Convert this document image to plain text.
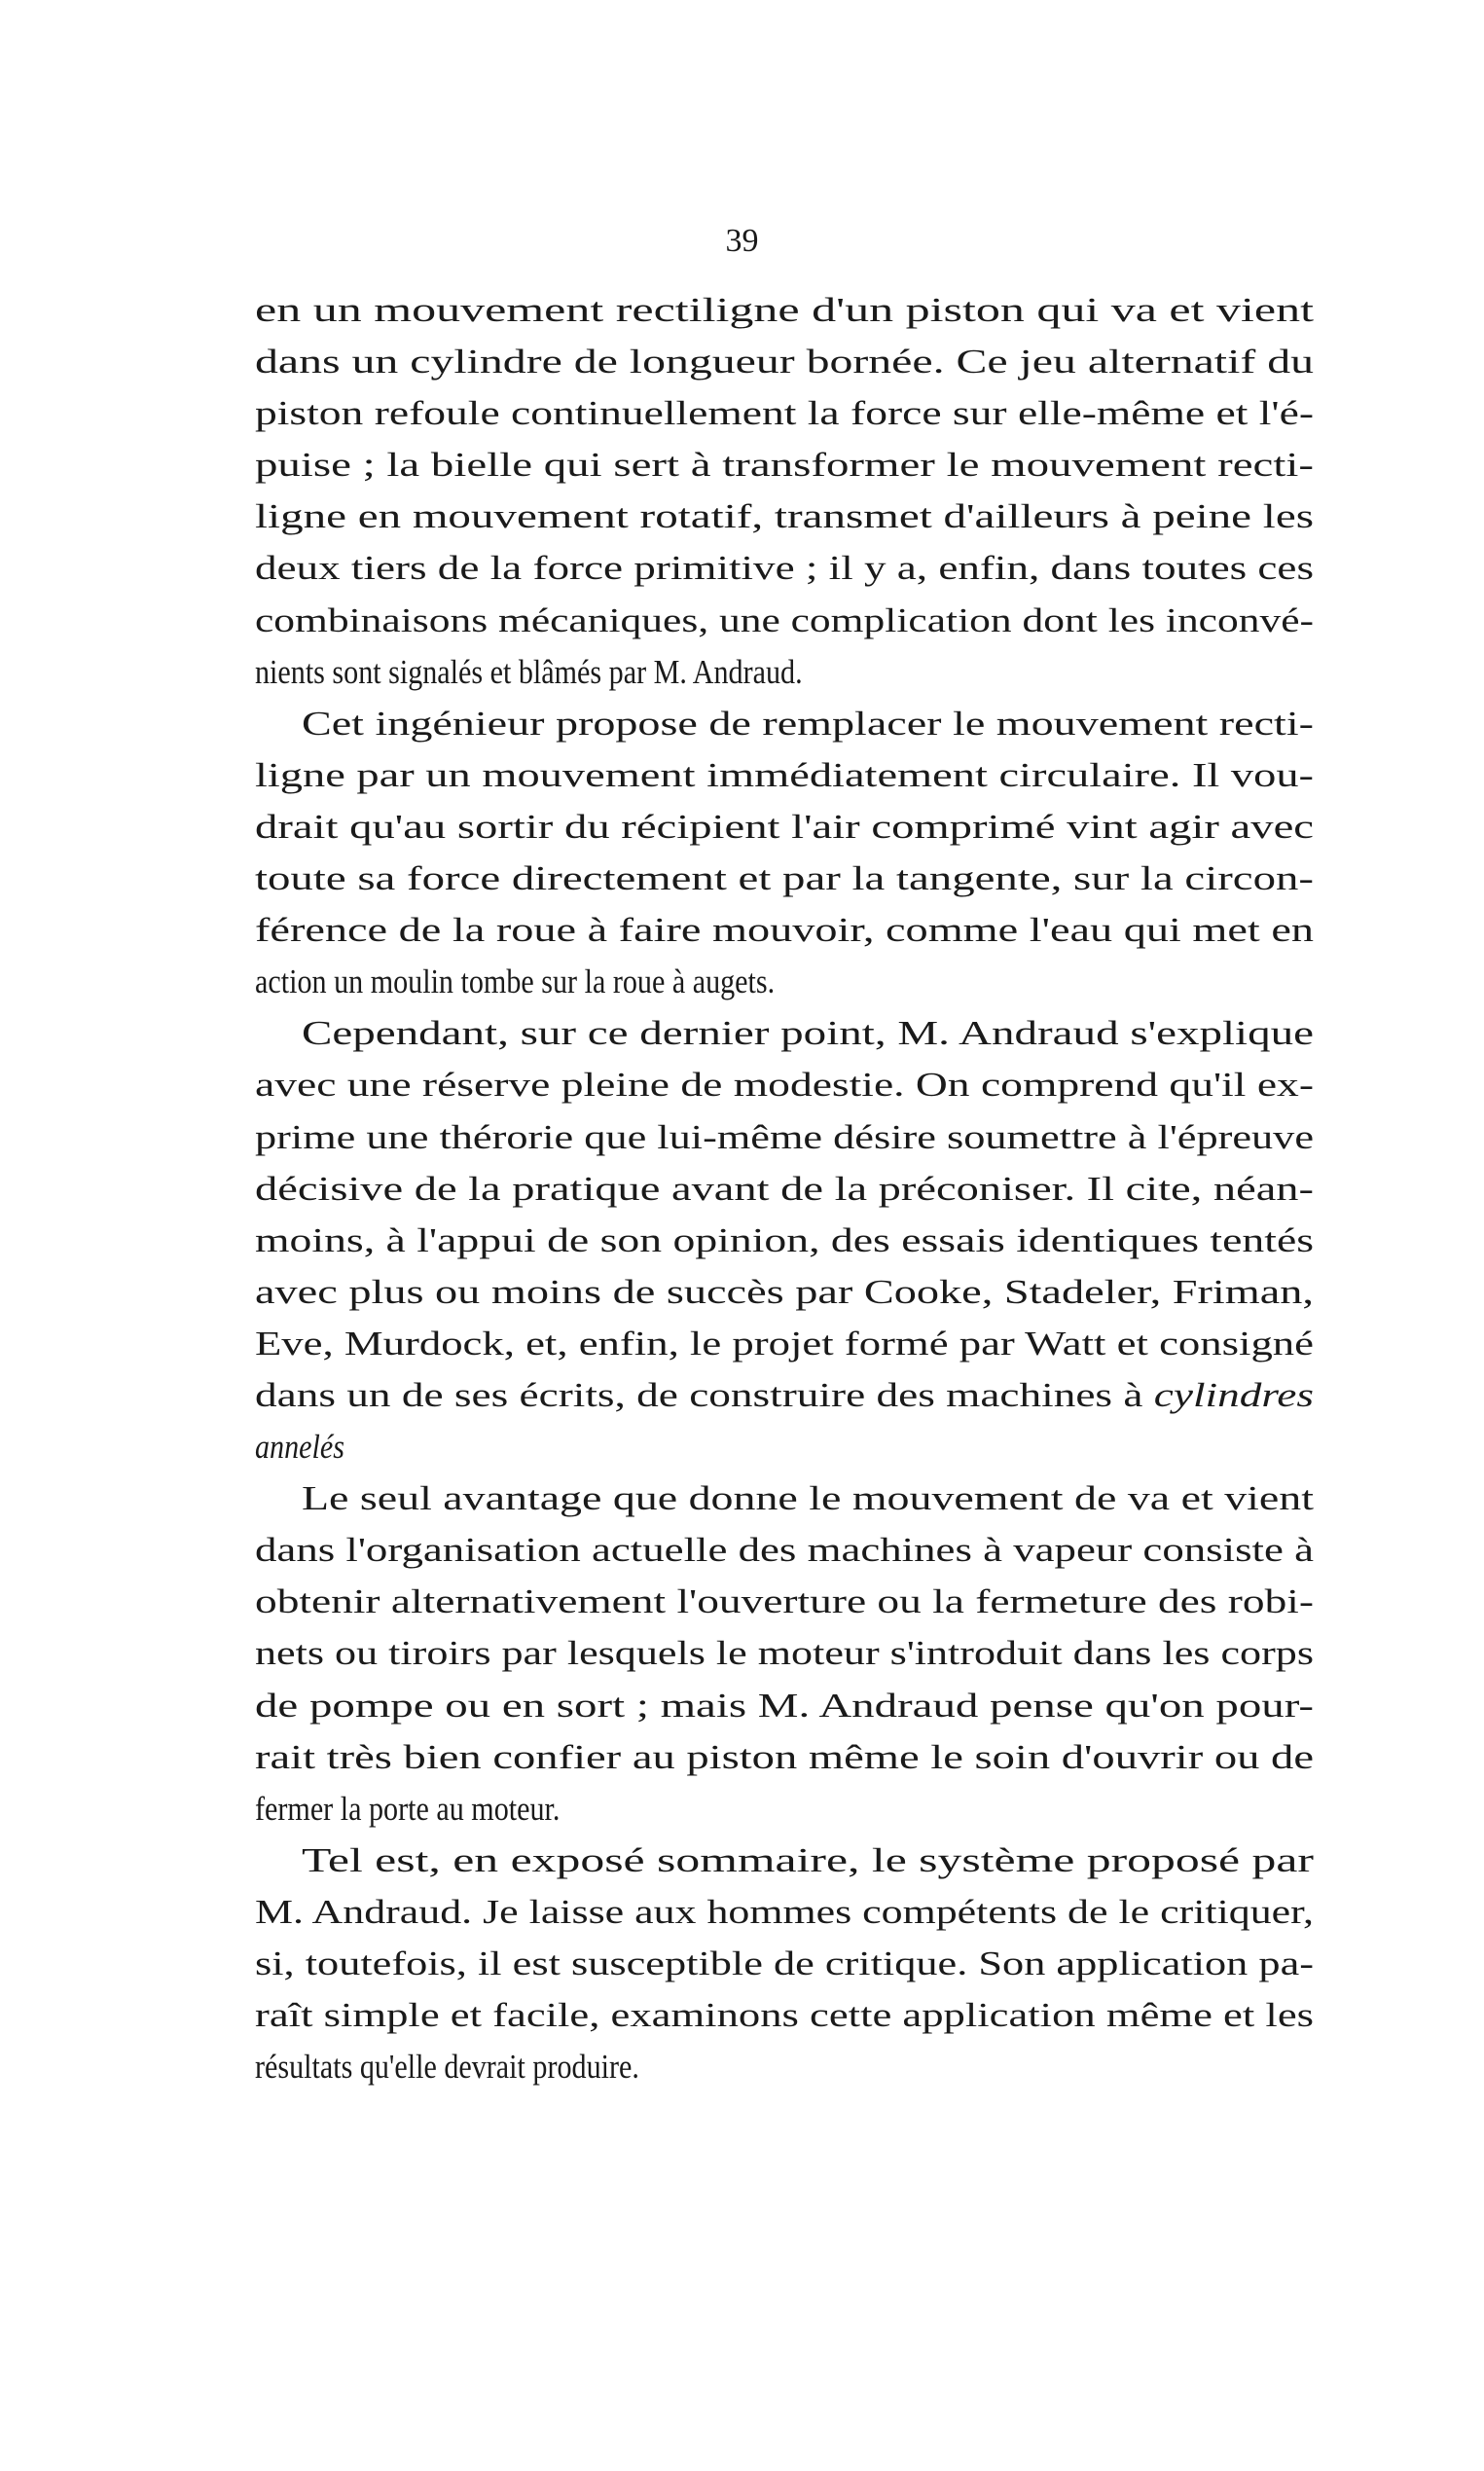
39
en un mouvement rectiligne d'un piston qui va et vient
dans un cylindre de longueur bornée. Ce jeu alternatif du
piston refoule continuellement la force sur elle-même et l'é-
puise ; la bielle qui sert à transformer le mouvement recti-
ligne en mouvement rotatif, transmet d'ailleurs à peine les
deux tiers de la force primitive ; il y a, enfin, dans toutes ces
combinaisons mécaniques, une complication dont les inconvé-
nients sont signalés et blâmés par M. Andraud.
Cet ingénieur propose de remplacer le mouvement recti-
ligne par un mouvement immédiatement circulaire. Il vou-
drait qu'au sortir du récipient l'air comprimé vint agir avec
toute sa force directement et par la tangente, sur la circon-
férence de la roue à faire mouvoir, comme l'eau qui met en
action un moulin tombe sur la roue à augets.
Cependant, sur ce dernier point, M. Andraud s'explique
avec une réserve pleine de modestie. On comprend qu'il ex-
prime une thérorie que lui-même désire soumettre à l'épreuve
décisive de la pratique avant de la préconiser. Il cite, néan-
moins, à l'appui de son opinion, des essais identiques tentés
avec plus ou moins de succès par Cooke, Stadeler, Friman,
Eve, Murdock, et, enfin, le projet formé par Watt et consigné
dans un de ses écrits, de construire des machines à cylindres
annelés
Le seul avantage que donne le mouvement de va et vient
dans l'organisation actuelle des machines à vapeur consiste à
obtenir alternativement l'ouverture ou la fermeture des robi-
nets ou tiroirs par lesquels le moteur s'introduit dans les corps
de pompe ou en sort ; mais M. Andraud pense qu'on pour-
rait très bien confier au piston même le soin d'ouvrir ou de
fermer la porte au moteur.
Tel est, en exposé sommaire, le système proposé par
M. Andraud. Je laisse aux hommes compétents de le critiquer,
si, toutefois, il est susceptible de critique. Son application pa-
raît simple et facile, examinons cette application même et les
résultats qu'elle devrait produire.
